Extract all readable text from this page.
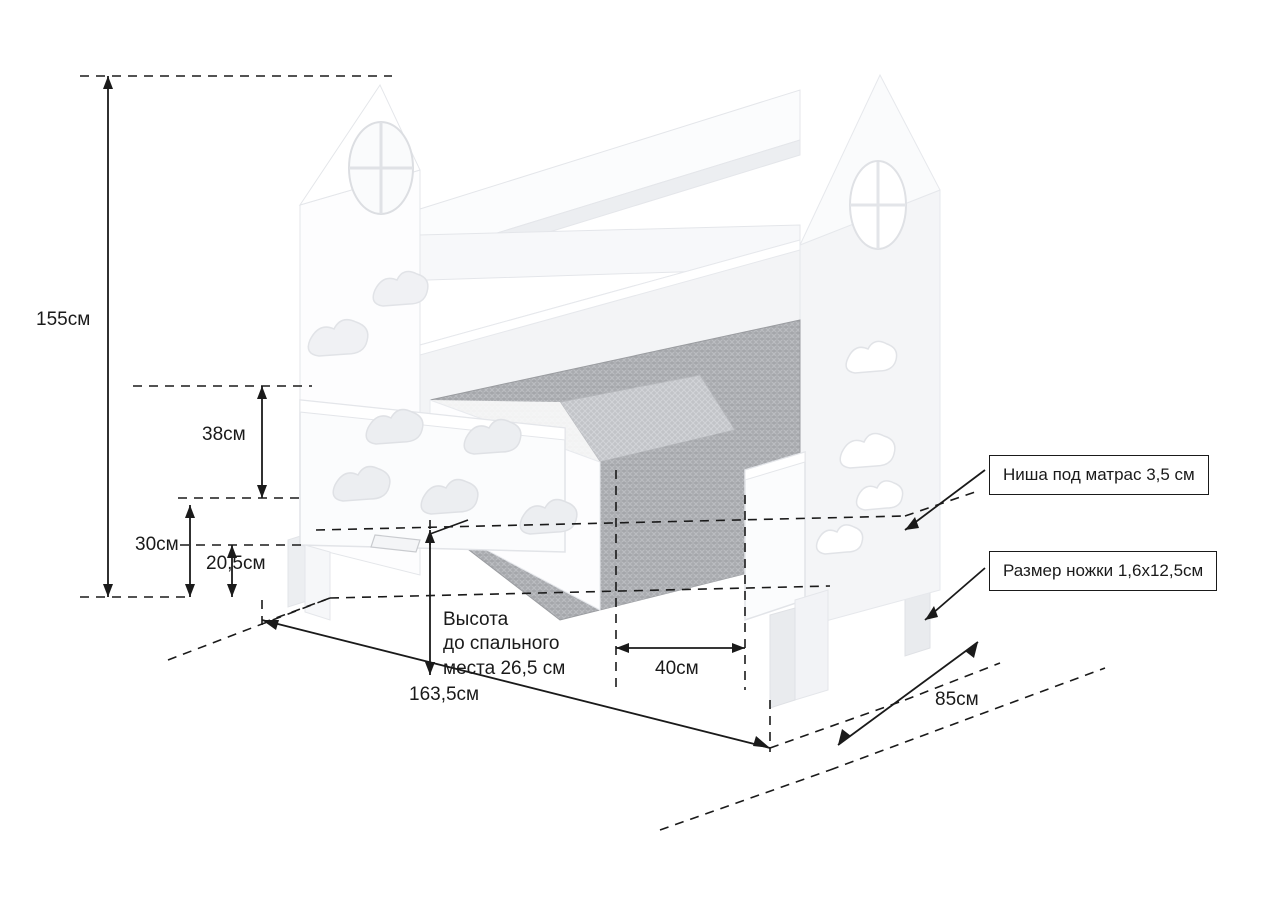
155см
38см
30см
20,5см
163,5см
40см
85см
Высота
до спального
места 26,5 см
Ниша под матрас 3,5 см
Размер ножки 1,6x12,5см
